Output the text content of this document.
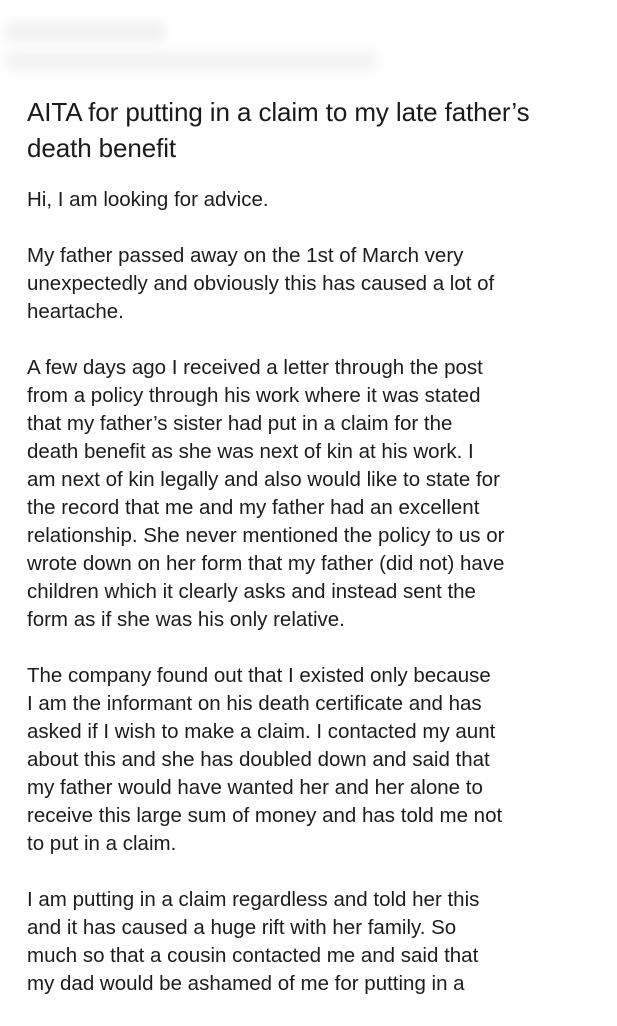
AITA for putting in a claim to my late father’s death benefit

Hi, I am looking for advice.

My father passed away on the 1st of March very
unexpectedly and obviously this has caused a lot of
heartache.

A few days ago I received a letter through the post
from a policy through his work where it was stated
that my father’s sister had put in a claim for the
death benefit as she was next of kin at his work. I
am next of kin legally and also would like to state for
the record that me and my father had an excellent
relationship. She never mentioned the policy to us or
wrote down on her form that my father (did not) have
children which it clearly asks and instead sent the
form as if she was his only relative.

The company found out that I existed only because
I am the informant on his death certificate and has
asked if I wish to make a claim. I contacted my aunt
about this and she has doubled down and said that
my father would have wanted her and her alone to
receive this large sum of money and has told me not
to put in a claim.

I am putting in a claim regardless and told her this
and it has caused a huge rift with her family. So
much so that a cousin contacted me and said that
my dad would be ashamed of me for putting in a
